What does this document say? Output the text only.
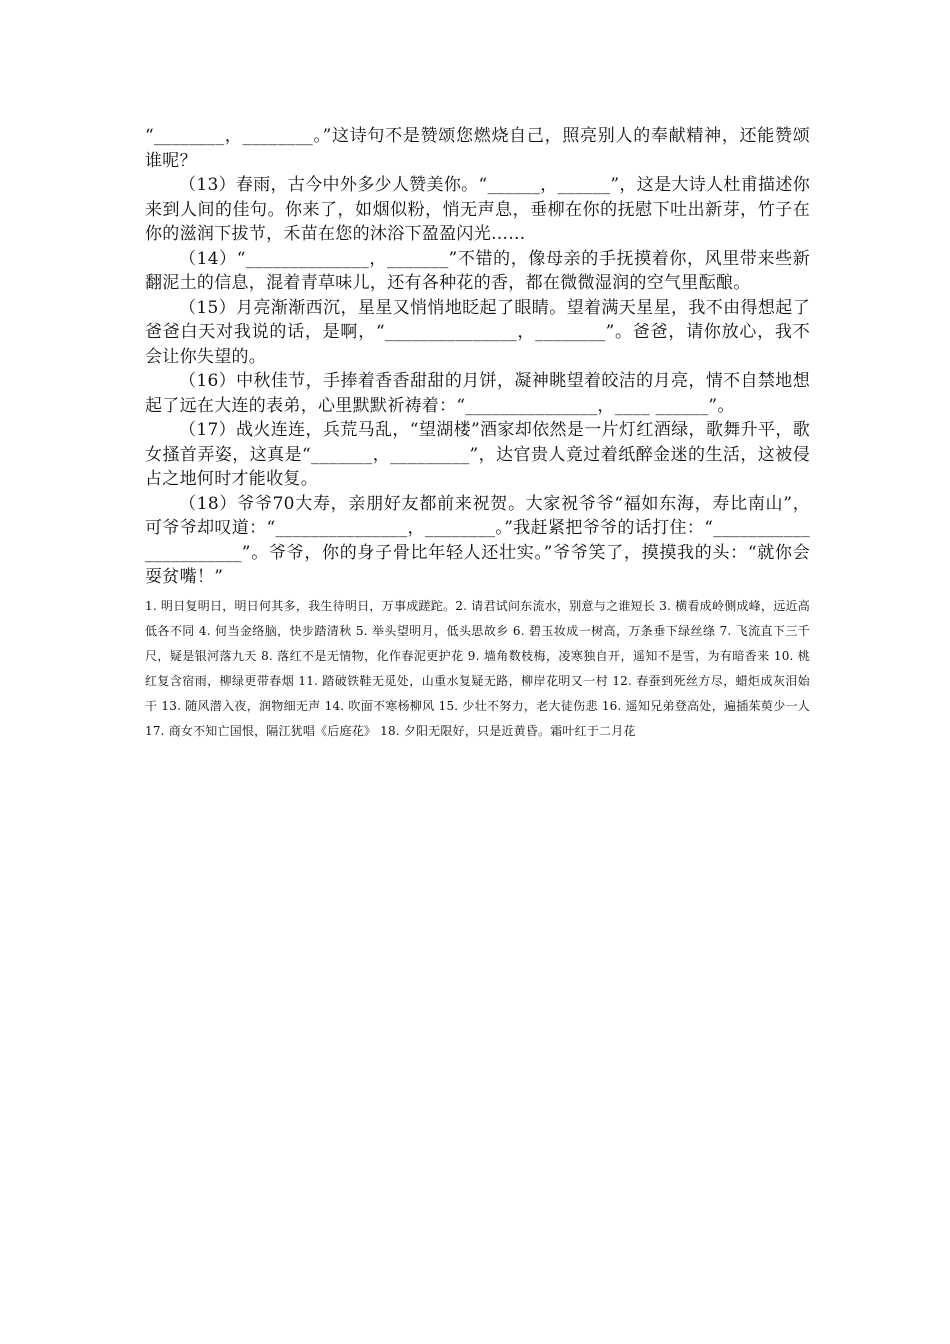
“________，________。”这诗句不是赞颂您燃烧自己，照亮别人的奉献精神，还能赞颂谁呢？

（13）春雨，古今中外多少人赞美你。“______，______”，这是大诗人杜甫描述你来到人间的佳句。你来了，如烟似粉，悄无声息，垂柳在你的抚慰下吐出新芽，竹子在你的滋润下拔节，禾苗在您的沐浴下盈盈闪光……

（14）“______________，_______”不错的，像母亲的手抚摸着你，风里带来些新翻泥土的信息，混着青草味儿，还有各种花的香，都在微微湿润的空气里酝酿。

（15）月亮渐渐西沉，星星又悄悄地眨起了眼睛。望着满天星星，我不由得想起了爸爸白天对我说的话，是啊，“_______________，________”。爸爸，请你放心，我不会让你失望的。

（16）中秋佳节，手捧着香香甜甜的月饼，凝神眺望着皎洁的月亮，情不自禁地想起了远在大连的表弟，心里默默祈祷着：“_______________，____ ______”。

（17）战火连连，兵荒马乱，“望湖楼”酒家却依然是一片灯红酒绿，歌舞升平，歌女搔首弄姿，这真是“_______，_________”，达官贵人竟过着纸醉金迷的生活，这被侵占之地何时才能收复。

（18）爷爷70大寿，亲朋好友都前来祝贺。大家祝爷爷“福如东海，寿比南山”，可爷爷却叹道：“_______________，________。”我赶紧把爷爷的话打住：“______________________”。爷爷，你的身子骨比年轻人还壮实。”爷爷笑了，摸摸我的头：“就你会耍贫嘴！”

1. 明日复明日，明日何其多，我生待明日，万事成蹉跎。2. 请君试问东流水，别意与之谁短长 3. 横看成岭侧成峰，远近高低各不同 4. 何当金络脑，快步踏清秋 5. 举头望明月，低头思故乡 6. 碧玉妆成一树高，万条垂下绿丝绦 7. 飞流直下三千尺，疑是银河落九天 8. 落红不是无情物，化作春泥更护花 9. 墙角数枝梅，凌寒独自开，遥知不是雪，为有暗香来 10. 桃红复含宿雨，柳绿更带春烟 11. 踏破铁鞋无觅处，山重水复疑无路，柳岸花明又一村 12. 春蚕到死丝方尽，蜡炬成灰泪始干 13. 随风潜入夜，润物细无声 14. 吹面不寒杨柳风 15. 少壮不努力，老大徒伤悲 16. 遥知兄弟登高处，遍插茱萸少一人 17. 商女不知亡国恨，隔江犹唱《后庭花》 18. 夕阳无限好，只是近黄昏。霜叶红于二月花
